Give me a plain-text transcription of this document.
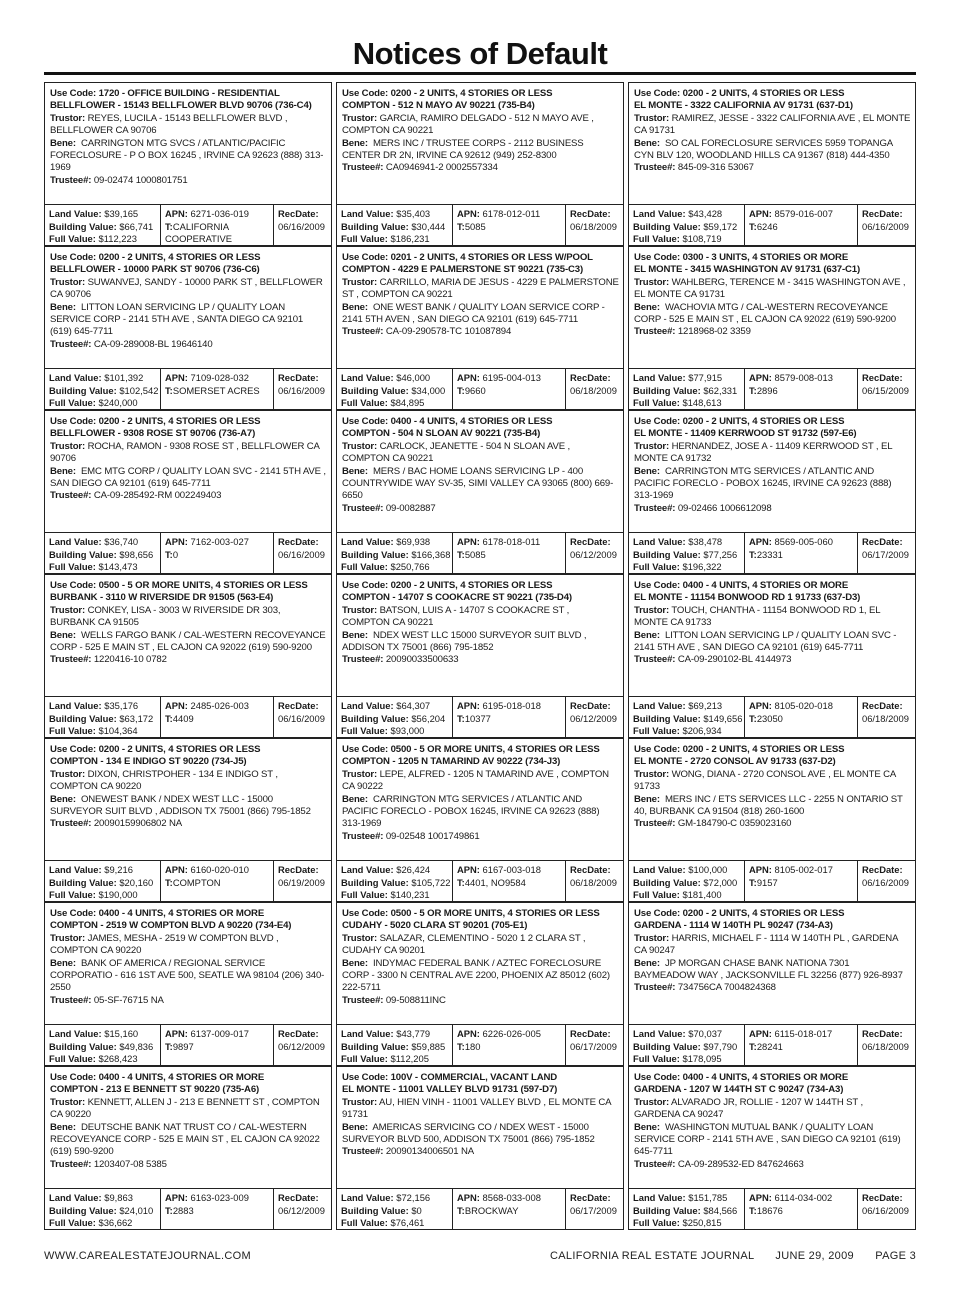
Notices of Default
Use Code: 1720 - OFFICE BUILDING - RESIDENTIAL
BELLFLOWER - 15143 BELLFLOWER BLVD 90706 (736-C4)
Trustor: REYES, LUCILA - 15143 BELLFLOWER BLVD , BELLFLOWER CA 90706
Bene: CARRINGTON MTG SVCS / ATLANTIC/PACIFIC FORECLOSURE - P O BOX 16245 , IRVINE CA 92623 (888) 313-1969
Trustee#: 09-02474 1000801751
Land Value: $39,165
Building Value: $66,741
Full Value: $112,223
APN: 6271-036-019
T:CALIFORNIA COOPERATIVE
RecDate:
06/16/2009
Use Code: 0200 - 2 UNITS, 4 STORIES OR LESS
COMPTON - 512 N MAYO AV 90221 (735-B4)
Trustor: GARCIA, RAMIRO DELGADO - 512 N MAYO AVE , COMPTON CA 90221
Bene: MERS INC / TRUSTEE CORPS - 2112 BUSINESS CENTER DR 2N, IRVINE CA 92612 (949) 252-8300
Trustee#: CA0946941-2 0002557334
Land Value: $35,403
Building Value: $30,444
Full Value: $186,231
APN: 6178-012-011
T:5085
RecDate:
06/18/2009
Use Code: 0200 - 2 UNITS, 4 STORIES OR LESS
EL MONTE - 3322 CALIFORNIA AV 91731 (637-D1)
Trustor: RAMIREZ, JESSE - 3322 CALIFORNIA AVE , EL MONTE CA 91731
Bene: SO CAL FORECLOSURE SERVICES 5959 TOPANGA CYN BLV 120, WOODLAND HILLS CA 91367 (818) 444-4350
Trustee#: 845-09-316 53067
Land Value: $43,428
Building Value: $59,172
Full Value: $108,719
APN: 8579-016-007
T:6246
RecDate:
06/16/2009
Use Code: 0200 - 2 UNITS, 4 STORIES OR LESS
BELLFLOWER - 10000 PARK ST 90706 (736-C6)
Trustor: SUWANVEJ, SANDY - 10000 PARK ST , BELLFLOWER CA 90706
Bene: LITTON LOAN SERVICING LP / QUALITY LOAN SERVICE CORP - 2141 5TH AVE , SANTA DIEGO CA 92101 (619) 645-7711
Trustee#: CA-09-289008-BL 19646140
Land Value: $101,392
Building Value: $102,542
Full Value: $240,000
APN: 7109-028-032
T:SOMERSET ACRES
RecDate:
06/16/2009
Use Code: 0201 - 2 UNITS, 4 STORIES OR LESS W/POOL
COMPTON - 4229 E PALMERSTONE ST 90221 (735-C3)
Trustor: CARRILLO, MARIA DE JESUS - 4229 E PALMERSTONE ST , COMPTON CA 90221
Bene: ONE WEST BANK / QUALITY LOAN SERVICE CORP - 2141 5TH AVEN , SAN DIEGO CA 92101 (619) 645-7711
Trustee#: CA-09-290578-TC 101087894
Land Value: $46,000
Building Value: $34,000
Full Value: $84,895
APN: 6195-004-013
T:9660
RecDate:
06/18/2009
Use Code: 0300 - 3 UNITS, 4 STORIES OR MORE
EL MONTE - 3415 WASHINGTON AV 91731 (637-C1)
Trustor: WAHLBERG, TERENCE M - 3415 WASHINGTON AVE , EL MONTE CA 91731
Bene: WACHOVIA MTG / CAL-WESTERN RECOVEYANCE CORP - 525 E MAIN ST , EL CAJON CA 92022 (619) 590-9200
Trustee#: 1218968-02 3359
Land Value: $77,915
Building Value: $62,331
Full Value: $148,613
APN: 8579-008-013
T:2896
RecDate:
06/15/2009
Use Code: 0200 - 2 UNITS, 4 STORIES OR LESS
BELLFLOWER - 9308 ROSE ST 90706 (736-A7)
Trustor: ROCHA, RAMON - 9308 ROSE ST , BELLFLOWER CA 90706
Bene: EMC MTG CORP / QUALITY LOAN SVC - 2141 5TH AVE , SAN DIEGO CA 92101 (619) 645-7711
Trustee#: CA-09-285492-RM 002249403
Land Value: $36,740
Building Value: $98,656
Full Value: $143,473
APN: 7162-003-027
T:0
RecDate:
06/16/2009
Use Code: 0400 - 4 UNITS, 4 STORIES OR LESS
COMPTON - 504 N SLOAN AV 90221 (735-B4)
Trustor: CARLOCK, JEANETTE - 504 N SLOAN AVE , COMPTON CA 90221
Bene: MERS / BAC HOME LOANS SERVICING LP - 400 COUNTRYWIDE WAY SV-35, SIMI VALLEY CA 93065 (800) 669-6650
Trustee#: 09-0082887
Land Value: $69,938
Building Value: $166,368
Full Value: $250,766
APN: 6178-018-011
T:5085
RecDate:
06/12/2009
Use Code: 0200 - 2 UNITS, 4 STORIES OR LESS
EL MONTE - 11409 KERRWOOD ST 91732 (597-E6)
Trustor: HERNANDEZ, JOSE A - 11409 KERRWOOD ST , EL MONTE CA 91732
Bene: CARRINGTON MTG SERVICES / ATLANTIC AND PACIFIC FORECLO - POBOX 16245, IRVINE CA 92623 (888) 313-1969
Trustee#: 09-02466 1006612098
Land Value: $38,478
Building Value: $77,256
Full Value: $196,322
APN: 8569-005-060
T:23331
RecDate:
06/17/2009
Use Code: 0500 - 5 OR MORE UNITS, 4 STORIES OR LESS
BURBANK - 3110 W RIVERSIDE DR 91505 (563-E4)
Trustor: CONKEY, LISA - 3003 W RIVERSIDE DR 303, BURBANK CA 91505
Bene: WELLS FARGO BANK / CAL-WESTERN RECOVEYANCE CORP - 525 E MAIN ST , EL CAJON CA 92022 (619) 590-9200
Trustee#: 1220416-10 0782
Land Value: $35,176
Building Value: $63,172
Full Value: $104,364
APN: 2485-026-003
T:4409
RecDate:
06/16/2009
Use Code: 0200 - 2 UNITS, 4 STORIES OR LESS
COMPTON - 14707 S COOKACRE ST 90221 (735-D4)
Trustor: BATSON, LUIS A - 14707 S COOKACRE ST , COMPTON CA 90221
Bene: NDEX WEST LLC 15000 SURVEYOR SUIT BLVD , ADDISON TX 75001 (866) 795-1852
Trustee#: 20090033500633
Land Value: $64,307
Building Value: $56,204
Full Value: $93,000
APN: 6195-018-018
T:10377
RecDate:
06/12/2009
Use Code: 0400 - 4 UNITS, 4 STORIES OR MORE
EL MONTE - 11154 BONWOOD RD 1 91733 (637-D3)
Trustor: TOUCH, CHANTHA - 11154 BONWOOD RD 1, EL MONTE CA 91733
Bene: LITTON LOAN SERVICING LP / QUALITY LOAN SVC - 2141 5TH AVE , SAN DIEGO CA 92101 (619) 645-7711
Trustee#: CA-09-290102-BL 4144973
Land Value: $69,213
Building Value: $149,656
Full Value: $206,934
APN: 8105-020-018
T:23050
RecDate:
06/18/2009
Use Code: 0200 - 2 UNITS, 4 STORIES OR LESS
COMPTON - 134 E INDIGO ST 90220 (734-J5)
Trustor: DIXON, CHRISTPOHER - 134 E INDIGO ST , COMPTON CA 90220
Bene: ONEWEST BANK / NDEX WEST LLC - 15000 SURVEYOR SUIT BLVD , ADDISON TX 75001 (866) 795-1852
Trustee#: 20090159906802 NA
Land Value: $9,216
Building Value: $20,160
Full Value: $190,000
APN: 6160-020-010
T:COMPTON
RecDate:
06/19/2009
Use Code: 0500 - 5 OR MORE UNITS, 4 STORIES OR LESS
COMPTON - 1205 N TAMARIND AV 90222 (734-J3)
Trustor: LEPE, ALFRED - 1205 N TAMARIND AVE , COMPTON CA 90222
Bene: CARRINGTON MTG SERVICES / ATLANTIC AND PACIFIC FORECLO - POBOX 16245, IRVINE CA 92623 (888) 313-1969
Trustee#: 09-02548 1001749861
Land Value: $26,424
Building Value: $105,722
Full Value: $140,231
APN: 6167-003-018
T:4401, NO9584
RecDate:
06/18/2009
Use Code: 0200 - 2 UNITS, 4 STORIES OR LESS
EL MONTE - 2720 CONSOL AV 91733 (637-D2)
Trustor: WONG, DIANA - 2720 CONSOL AVE , EL MONTE CA 91733
Bene: MERS INC / ETS SERVICES LLC - 2255 N ONTARIO ST 40, BURBANK CA 91504 (818) 260-1600
Trustee#: GM-184790-C 0359023160
Land Value: $100,000
Building Value: $72,000
Full Value: $181,400
APN: 8105-002-017
T:9157
RecDate:
06/16/2009
Use Code: 0400 - 4 UNITS, 4 STORIES OR MORE
COMPTON - 2519 W COMPTON BLVD A 90220 (734-E4)
Trustor: JAMES, MESHA - 2519 W COMPTON BLVD , COMPTON CA 90220
Bene: BANK OF AMERICA / REGIONAL SERVICE CORPORATIO - 616 1ST AVE 500, SEATLE WA 98104 (206) 340-2550
Trustee#: 05-SF-76715 NA
Land Value: $15,160
Building Value: $49,836
Full Value: $268,423
APN: 6137-009-017
T:9897
RecDate:
06/12/2009
Use Code: 0500 - 5 OR MORE UNITS, 4 STORIES OR LESS
CUDAHY - 5020 CLARA ST 90201 (705-E1)
Trustor: SALAZAR, CLEMENTINO - 5020 1 2 CLARA ST , CUDAHY CA 90201
Bene: INDYMAC FEDERAL BANK / AZTEC FORECLOSURE CORP - 3300 N CENTRAL AVE 2200, PHOENIX AZ 85012 (602) 222-5711
Trustee#: 09-508811INC
Land Value: $43,779
Building Value: $59,885
Full Value: $112,205
APN: 6226-026-005
T:180
RecDate:
06/17/2009
Use Code: 0200 - 2 UNITS, 4 STORIES OR LESS
GARDENA - 1114 W 140TH PL 90247 (734-A3)
Trustor: HARRIS, MICHAEL F - 1114 W 140TH PL , GARDENA CA 90247
Bene: JP MORGAN CHASE BANK NATIONA 7301 BAYMEADOW WAY , JACKSONVILLE FL 32256 (877) 926-8937
Trustee#: 734756CA 7004824368
Land Value: $70,037
Building Value: $97,790
Full Value: $178,095
APN: 6115-018-017
T:28241
RecDate:
06/18/2009
Use Code: 0400 - 4 UNITS, 4 STORIES OR MORE
COMPTON - 213 E BENNETT ST 90220 (735-A6)
Trustor: KENNETT, ALLEN J - 213 E BENNETT ST , COMPTON CA 90220
Bene: DEUTSCHE BANK NAT TRUST CO / CAL-WESTERN RECOVEYANCE CORP - 525 E MAIN ST , EL CAJON CA 92022 (619) 590-9200
Trustee#: 1203407-08 5385
Land Value: $9,863
Building Value: $24,010
Full Value: $36,662
APN: 6163-023-009
T:2883
RecDate:
06/12/2009
Use Code: 100V - COMMERCIAL, VACANT LAND
EL MONTE - 11001 VALLEY BLVD 91731 (597-D7)
Trustor: AU, HIEN VINH - 11001 VALLEY BLVD , EL MONTE CA 91731
Bene: AMERICAS SERVICING CO / NDEX WEST - 15000 SURVEYOR BLVD 500, ADDISON TX 75001 (866) 795-1852
Trustee#: 20090134006501 NA
Land Value: $72,156
Building Value: $0
Full Value: $76,461
APN: 8568-033-008
T:BROCKWAY
RecDate:
06/17/2009
Use Code: 0400 - 4 UNITS, 4 STORIES OR MORE
GARDENA - 1207 W 144TH ST C 90247 (734-A3)
Trustor: ALVARADO JR, ROLLIE - 1207 W 144TH ST , GARDENA CA 90247
Bene: WASHINGTON MUTUAL BANK / QUALITY LOAN SERVICE CORP - 2141 5TH AVE , SAN DIEGO CA 92101 (619) 645-7711
Trustee#: CA-09-289532-ED 847624663
Land Value: $151,785
Building Value: $84,566
Full Value: $250,815
APN: 6114-034-002
T:18676
RecDate:
06/16/2009
WWW.CAREALESTATEJOURNAL.COM	CALIFORNIA REAL ESTATE JOURNAL JUNE 29, 2009 PAGE 3
